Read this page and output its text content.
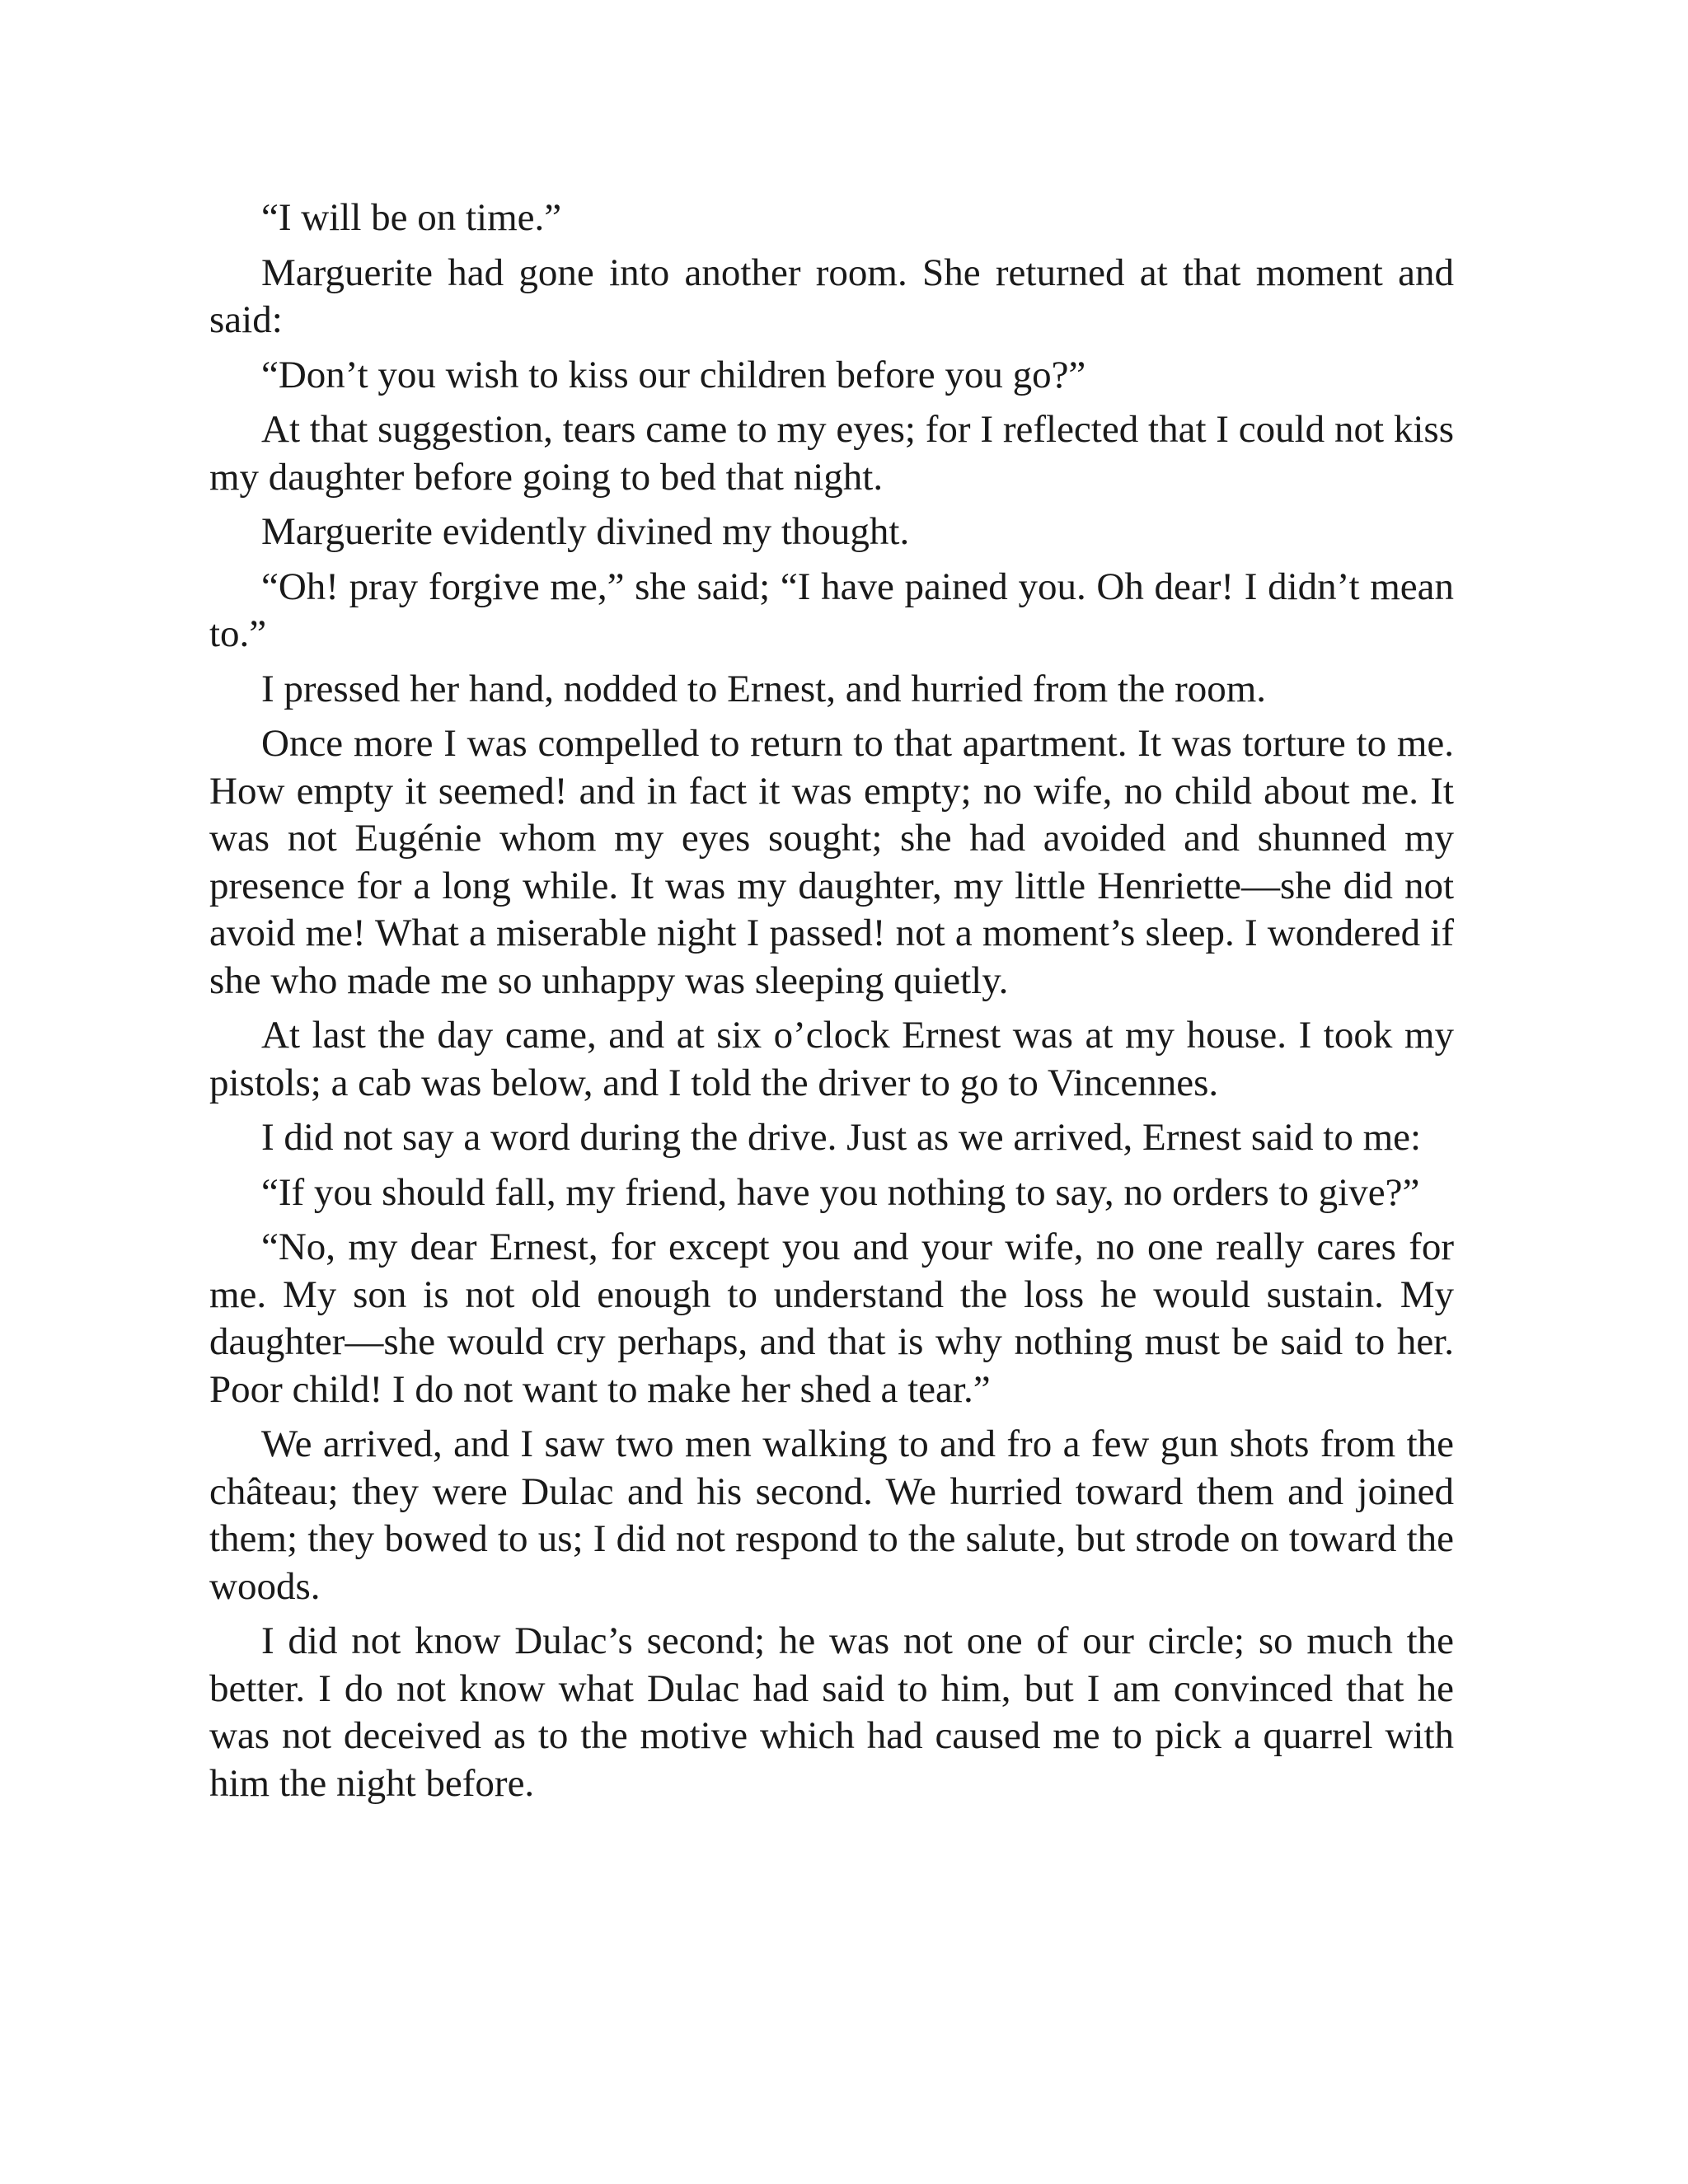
“I will be on time.”

Marguerite had gone into another room. She returned at that moment and said:

“Don’t you wish to kiss our children before you go?”

At that suggestion, tears came to my eyes; for I reflected that I could not kiss my daughter before going to bed that night.

Marguerite evidently divined my thought.

“Oh! pray forgive me,” she said; “I have pained you. Oh dear! I didn’t mean to.”

I pressed her hand, nodded to Ernest, and hurried from the room.

Once more I was compelled to return to that apartment. It was torture to me. How empty it seemed! and in fact it was empty; no wife, no child about me. It was not Eugénie whom my eyes sought; she had avoided and shunned my presence for a long while. It was my daughter, my little Henriette—she did not avoid me! What a miserable night I passed! not a moment’s sleep. I wondered if she who made me so unhappy was sleeping quietly.

At last the day came, and at six o’clock Ernest was at my house. I took my pistols; a cab was below, and I told the driver to go to Vincennes.

I did not say a word during the drive. Just as we arrived, Ernest said to me:

“If you should fall, my friend, have you nothing to say, no orders to give?”

“No, my dear Ernest, for except you and your wife, no one really cares for me. My son is not old enough to understand the loss he would sustain. My daughter—she would cry perhaps, and that is why nothing must be said to her. Poor child! I do not want to make her shed a tear.”

We arrived, and I saw two men walking to and fro a few gun shots from the château; they were Dulac and his second. We hurried toward them and joined them; they bowed to us; I did not respond to the salute, but strode on toward the woods.

I did not know Dulac’s second; he was not one of our circle; so much the better. I do not know what Dulac had said to him, but I am convinced that he was not deceived as to the motive which had caused me to pick a quarrel with him the night before.
